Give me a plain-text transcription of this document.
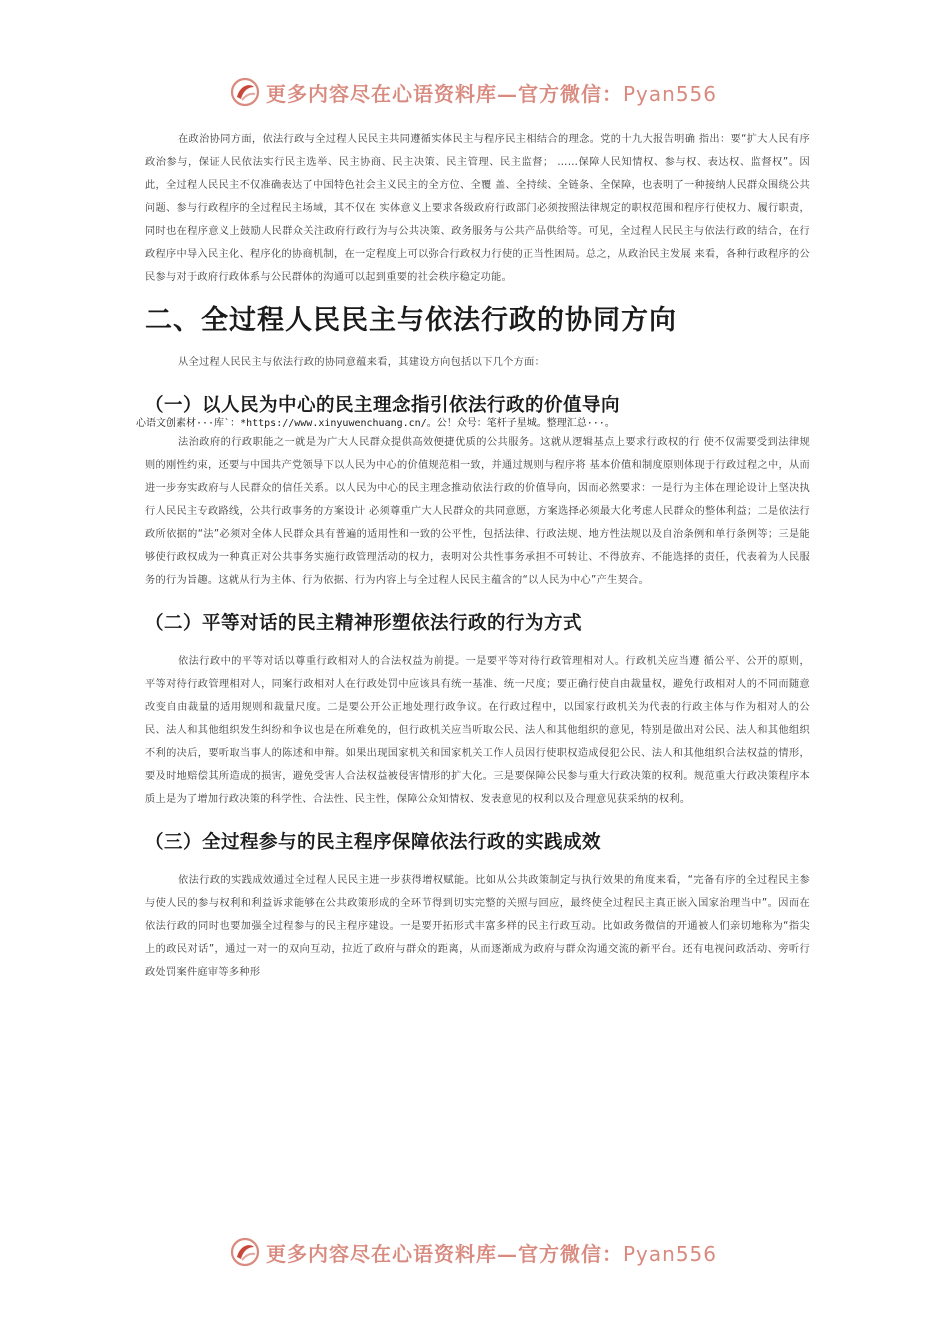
更多内容尽在心语资料库—官方微信：Pyan556

在政治协同方面，依法行政与全过程人民民主共同遵循实体民主与程序民主相结合的理念。党的十九大报告明确 指出：要“扩大人民有序政治参与，保证人民依法实行民主选举、民主协商、民主决策、民主管理、民主监督； ……保障人民知情权、参与权、表达权、监督权”。因此，全过程人民民主不仅准确表达了中国特色社会主义民主的全方位、全覆 盖、全持续、全链条、全保障，也表明了一种接纳人民群众围绕公共问题、参与行政程序的全过程民主场域，其不仅在 实体意义上要求各级政府行政部门必须按照法律规定的职权范围和程序行使权力、履行职责，同时也在程序意义上鼓励人民群众关注政府行政行为与公共决策、政务服务与公共产品供给等。可见，全过程人民民主与依法行政的结合，在行政程序中导入民主化、程序化的协商机制，在一定程度上可以弥合行政权力行使的正当性困局。总之，从政治民主发展 来看，各种行政程序的公民参与对于政府行政体系与公民群体的沟通可以起到重要的社会秩序稳定功能。

二、全过程人民民主与依法行政的协同方向

从全过程人民民主与依法行政的协同意蕴来看，其建设方向包括以下几个方面：

（一）以人民为中心的民主理念指引依法行政的价值导向
心语文创素材···库`：*https://www.xinyuwenchuang.cn/。公！众号：笔杆子星城。整理汇总···。

法治政府的行政职能之一就是为广大人民群众提供高效便捷优质的公共服务。这就从逻辑基点上要求行政权的行 使不仅需要受到法律规则的刚性约束，还要与中国共产党领导下以人民为中心的价值规范相一致，并通过规则与程序将 基本价值和制度原则体现于行政过程之中，从而进一步夯实政府与人民群众的信任关系。以人民为中心的民主理念推动依法行政的价值导向，因而必然要求：一是行为主体在理论设计上坚决执行人民民主专政路线，公共行政事务的方案设计 必须尊重广大人民群众的共同意愿，方案选择必须最大化考虑人民群众的整体利益；二是依法行政所依据的“法”必须对全体人民群众具有普遍的适用性和一致的公平性，包括法律、行政法规、地方性法规以及自治条例和单行条例等；三是能够使行政权成为一种真正对公共事务实施行政管理活动的权力，表明对公共性事务承担不可转让、不得放弃、不能选择的责任，代表着为人民服务的行为旨趣。这就从行为主体、行为依据、行为内容上与全过程人民民主蕴含的“以人民为中心”产生契合。

（二）平等对话的民主精神形塑依法行政的行为方式

依法行政中的平等对话以尊重行政相对人的合法权益为前提。一是要平等对待行政管理相对人。行政机关应当遵 循公平、公开的原则，平等对待行政管理相对人，同案行政相对人在行政处罚中应该具有统一基准、统一尺度；要正确行使自由裁量权，避免行政相对人的不同而随意改变自由裁量的适用规则和裁量尺度。二是要公开公正地处理行政争议。在行政过程中，以国家行政机关为代表的行政主体与作为相对人的公民、法人和其他组织发生纠纷和争议也是在所难免的，但行政机关应当听取公民、法人和其他组织的意见，特别是做出对公民、法人和其他组织不利的决后，要听取当事人的陈述和申辩。如果出现国家机关和国家机关工作人员因行使职权造成侵犯公民、法人和其他组织合法权益的情形， 要及时地赔偿其所造成的损害，避免受害人合法权益被侵害情形的扩大化。三是要保障公民参与重大行政决策的权利。规范重大行政决策程序本质上是为了增加行政决策的科学性、合法性、民主性，保障公众知情权、发表意见的权利以及合理意见获采纳的权利。

（三）全过程参与的民主程序保障依法行政的实践成效

依法行政的实践成效通过全过程人民民主进一步获得增权赋能。比如从公共政策制定与执行效果的角度来看，“完备有序的全过程民主参与使人民的参与权利和利益诉求能够在公共政策形成的全环节得到切实完整的关照与回应，最终使全过程民主真正嵌入国家治理当中”。因而在依法行政的同时也要加强全过程参与的民主程序建设。一是要开拓形式丰富多样的民主行政互动。比如政务微信的开通被人们亲切地称为“指尖上的政民对话”，通过一对一的双向互动，拉近了政府与群众的距离，从而逐渐成为政府与群众沟通交流的新平台。还有电视问政活动、旁听行政处罚案件庭审等多种形

更多内容尽在心语资料库—官方微信：Pyan556
